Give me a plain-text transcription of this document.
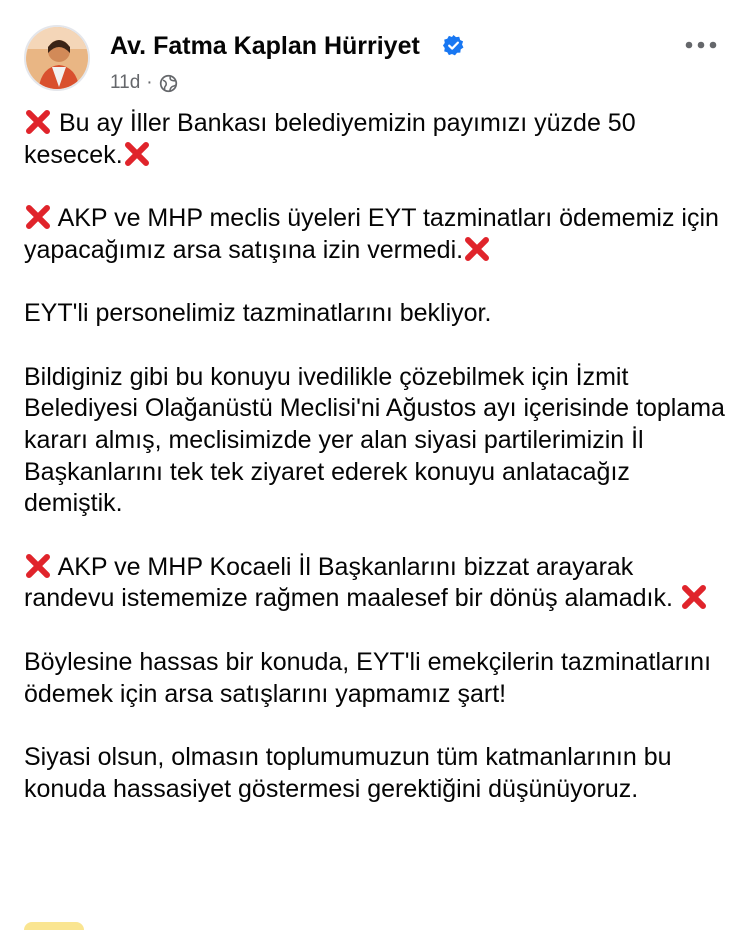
Av. Fatma Kaplan Hürriyet
11d ·
Bu ay İller Bankası belediyemizin payımızı yüzde 50 kesecek.
AKP ve MHP meclis üyeleri EYT tazminatları ödememiz için yapacağımız arsa satışına izin vermedi.
EYT'li personelimiz tazminatlarını bekliyor.
Bildiginiz gibi bu konuyu ivedilikle çözebilmek için İzmit Belediyesi Olağanüstü Meclisi'ni Ağustos ayı içerisinde toplama kararı almış, meclisimizde yer alan siyasi partilerimizin İl Başkanlarını tek tek ziyaret ederek konuyu anlatacağız demiştik.
AKP ve MHP Kocaeli İl Başkanlarını bizzat arayarak randevu istememize rağmen maalesef bir dönüş alamadık.
Böylesine hassas bir konuda, EYT'li emekçilerin tazminatlarını ödemek için arsa satışlarını yapmamız şart!
Siyasi olsun, olmasın toplumumuzun tüm katmanlarının bu konuda hassasiyet göstermesi gerektiğini düşünüyoruz.
